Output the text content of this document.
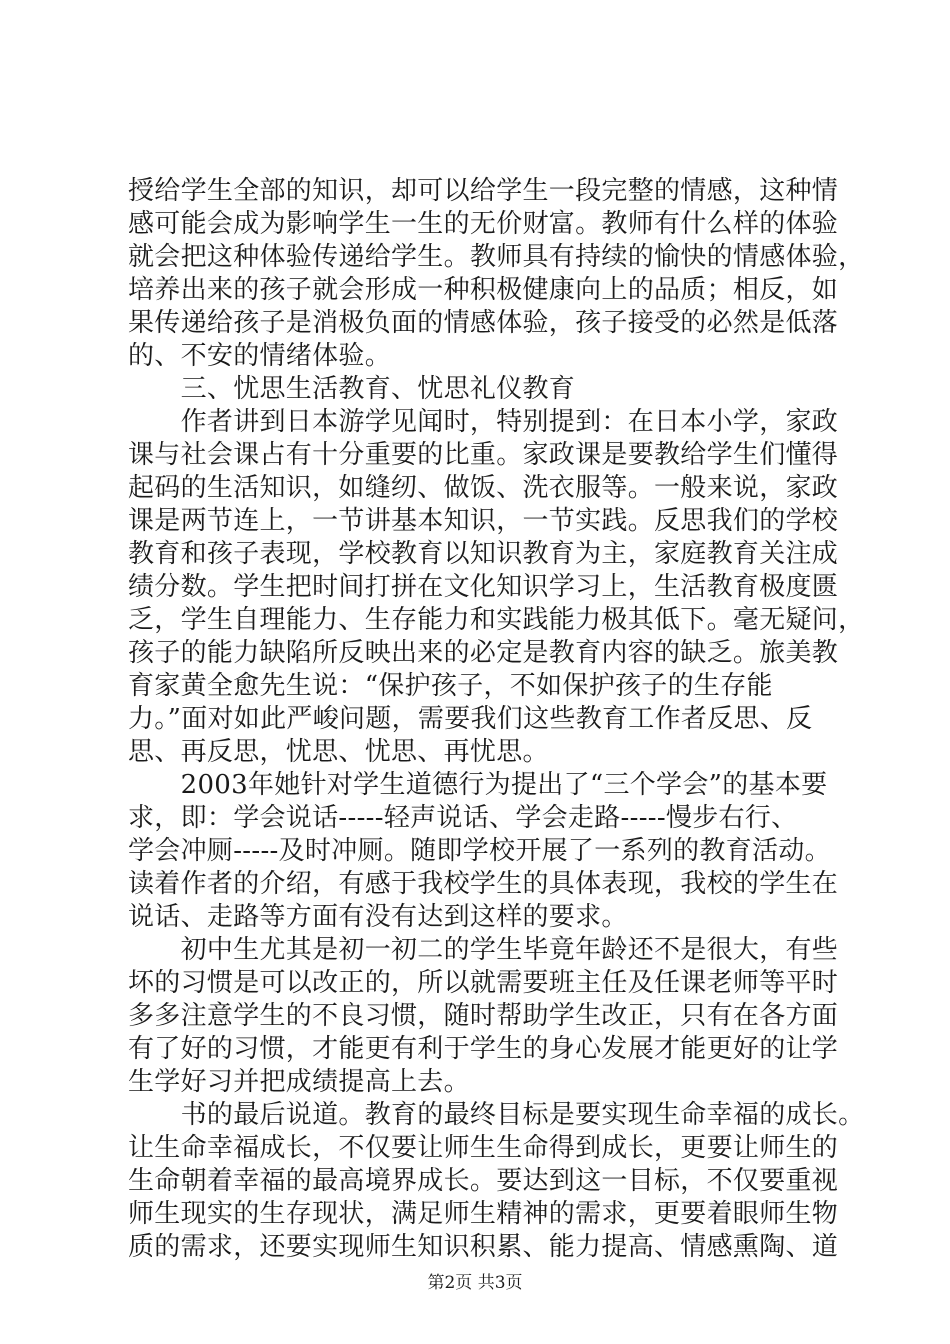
授给学生全部的知识，却可以给学生一段完整的情感，这种情
感可能会成为影响学生一生的无价财富。教师有什么样的体验
就会把这种体验传递给学生。教师具有持续的愉快的情感体验，
培养出来的孩子就会形成一种积极健康向上的品质；相反，如
果传递给孩子是消极负面的情感体验，孩子接受的必然是低落
的、不安的情绪体验。
　　三、忧思生活教育、忧思礼仪教育
　　作者讲到日本游学见闻时，特别提到：在日本小学，家政
课与社会课占有十分重要的比重。家政课是要教给学生们懂得
起码的生活知识，如缝纫、做饭、洗衣服等。一般来说，家政
课是两节连上，一节讲基本知识，一节实践。反思我们的学校
教育和孩子表现，学校教育以知识教育为主，家庭教育关注成
绩分数。学生把时间打拼在文化知识学习上，生活教育极度匮
乏，学生自理能力、生存能力和实践能力极其低下。毫无疑问，
孩子的能力缺陷所反映出来的必定是教育内容的缺乏。旅美教
育家黄全愈先生说：“保护孩子，不如保护孩子的生存能
力。”面对如此严峻问题，需要我们这些教育工作者反思、反
思、再反思，忧思、忧思、再忧思。
　　2003年她针对学生道德行为提出了“三个学会”的基本要
求，即：学会说话-----轻声说话、学会走路-----慢步右行、
学会冲厕-----及时冲厕。随即学校开展了一系列的教育活动。
读着作者的介绍，有感于我校学生的具体表现，我校的学生在
说话、走路等方面有没有达到这样的要求。
　　初中生尤其是初一初二的学生毕竟年龄还不是很大，有些
坏的习惯是可以改正的，所以就需要班主任及任课老师等平时
多多注意学生的不良习惯，随时帮助学生改正，只有在各方面
有了好的习惯，才能更有利于学生的身心发展才能更好的让学
生学好习并把成绩提高上去。
　　书的最后说道。教育的最终目标是要实现生命幸福的成长。
让生命幸福成长，不仅要让师生生命得到成长，更要让师生的
生命朝着幸福的最高境界成长。要达到这一目标，不仅要重视
师生现实的生存现状，满足师生精神的需求，更要着眼师生物
质的需求，还要实现师生知识积累、能力提高、情感熏陶、道
第2页 共3页
